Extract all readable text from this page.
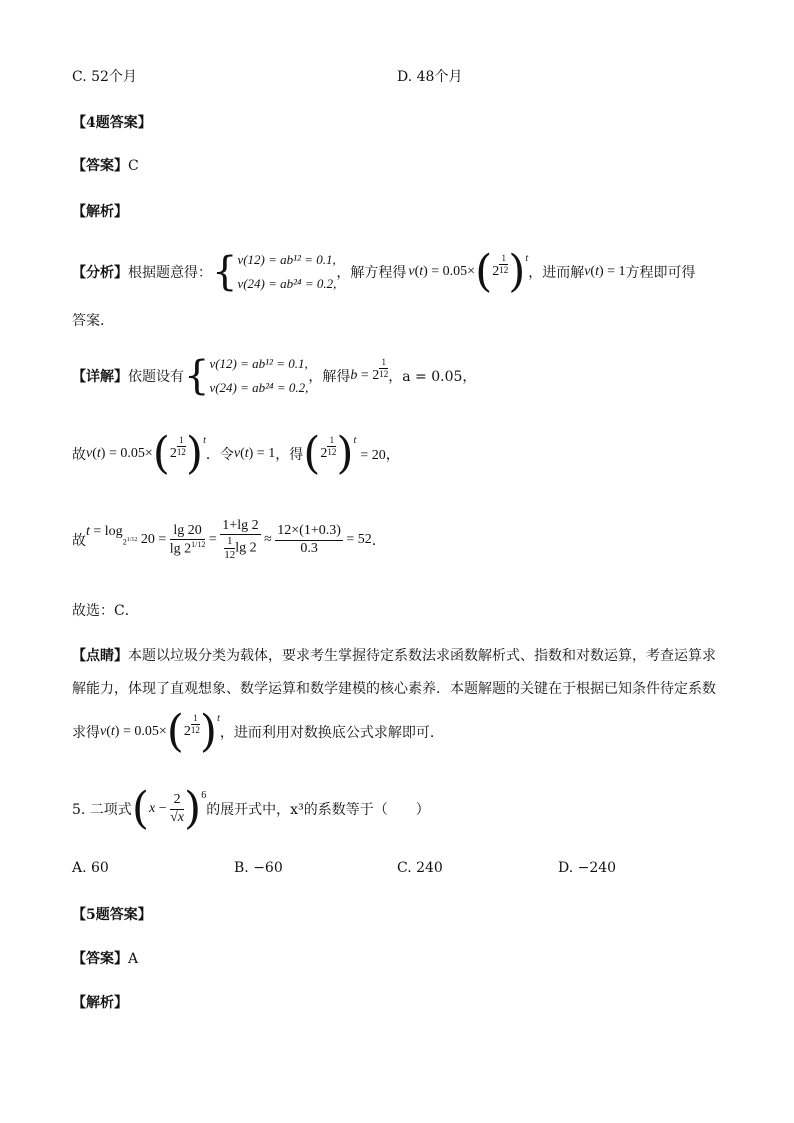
C. 52个月	D. 48个月
【4题答案】
【答案】C
【解析】
【分析】 根据题意得： { v(12) = ab¹² = 0.1,
v(24) = ab²⁴ = 0.2,
，解方程得 v ( t ) = 0.05× ( $2 \frac{1}{12} )^t$
，进而解 v ( t ) = 1 方程即可得
答案.
【详解】 依题设有 { v(12) = ab¹² = 0.1,
v(24) = ab²⁴ = 0.2,
，解得 $b = 2 \frac{1}{12}$ ，a = 0.05，
故 v ( t ) = 0.05× ( $2 \frac{1}{12} )^t$
．令 v ( t ) = 1 ，得 ( $2 \frac{1}{12} )^t$
= 20，
故
t = log
$_{2^{1/12}}$ $20 = \frac{\lg 20}{\lg 2^{1/12}} = \frac{1+\lg 2}{\frac{1}{12} \lg 2} \approx \frac{12\times(1+0.3)}{0.3}$
= 52 ．
故选：C．
【点睛】本题以垃圾分类为载体，要求考生掌握待定系数法求函数解析式、指数和对数运算，考查运算求
解能力，体现了直观想象、数学运算和数学建模的核心素养．本题解题的关键在于根据已知条件待定系数
求得 v ( t ) = 0.05× ( $2 \frac{1}{12} )^t$
，进而利用对数换底公式求解即可.
5. 二项式 ( $x - \frac{2}{√x} )^6$
的展开式中，x³的系数等于（　　）
A. 60	B. −60	C. 240	D. −240
【5题答案】
【答案】A
【解析】
